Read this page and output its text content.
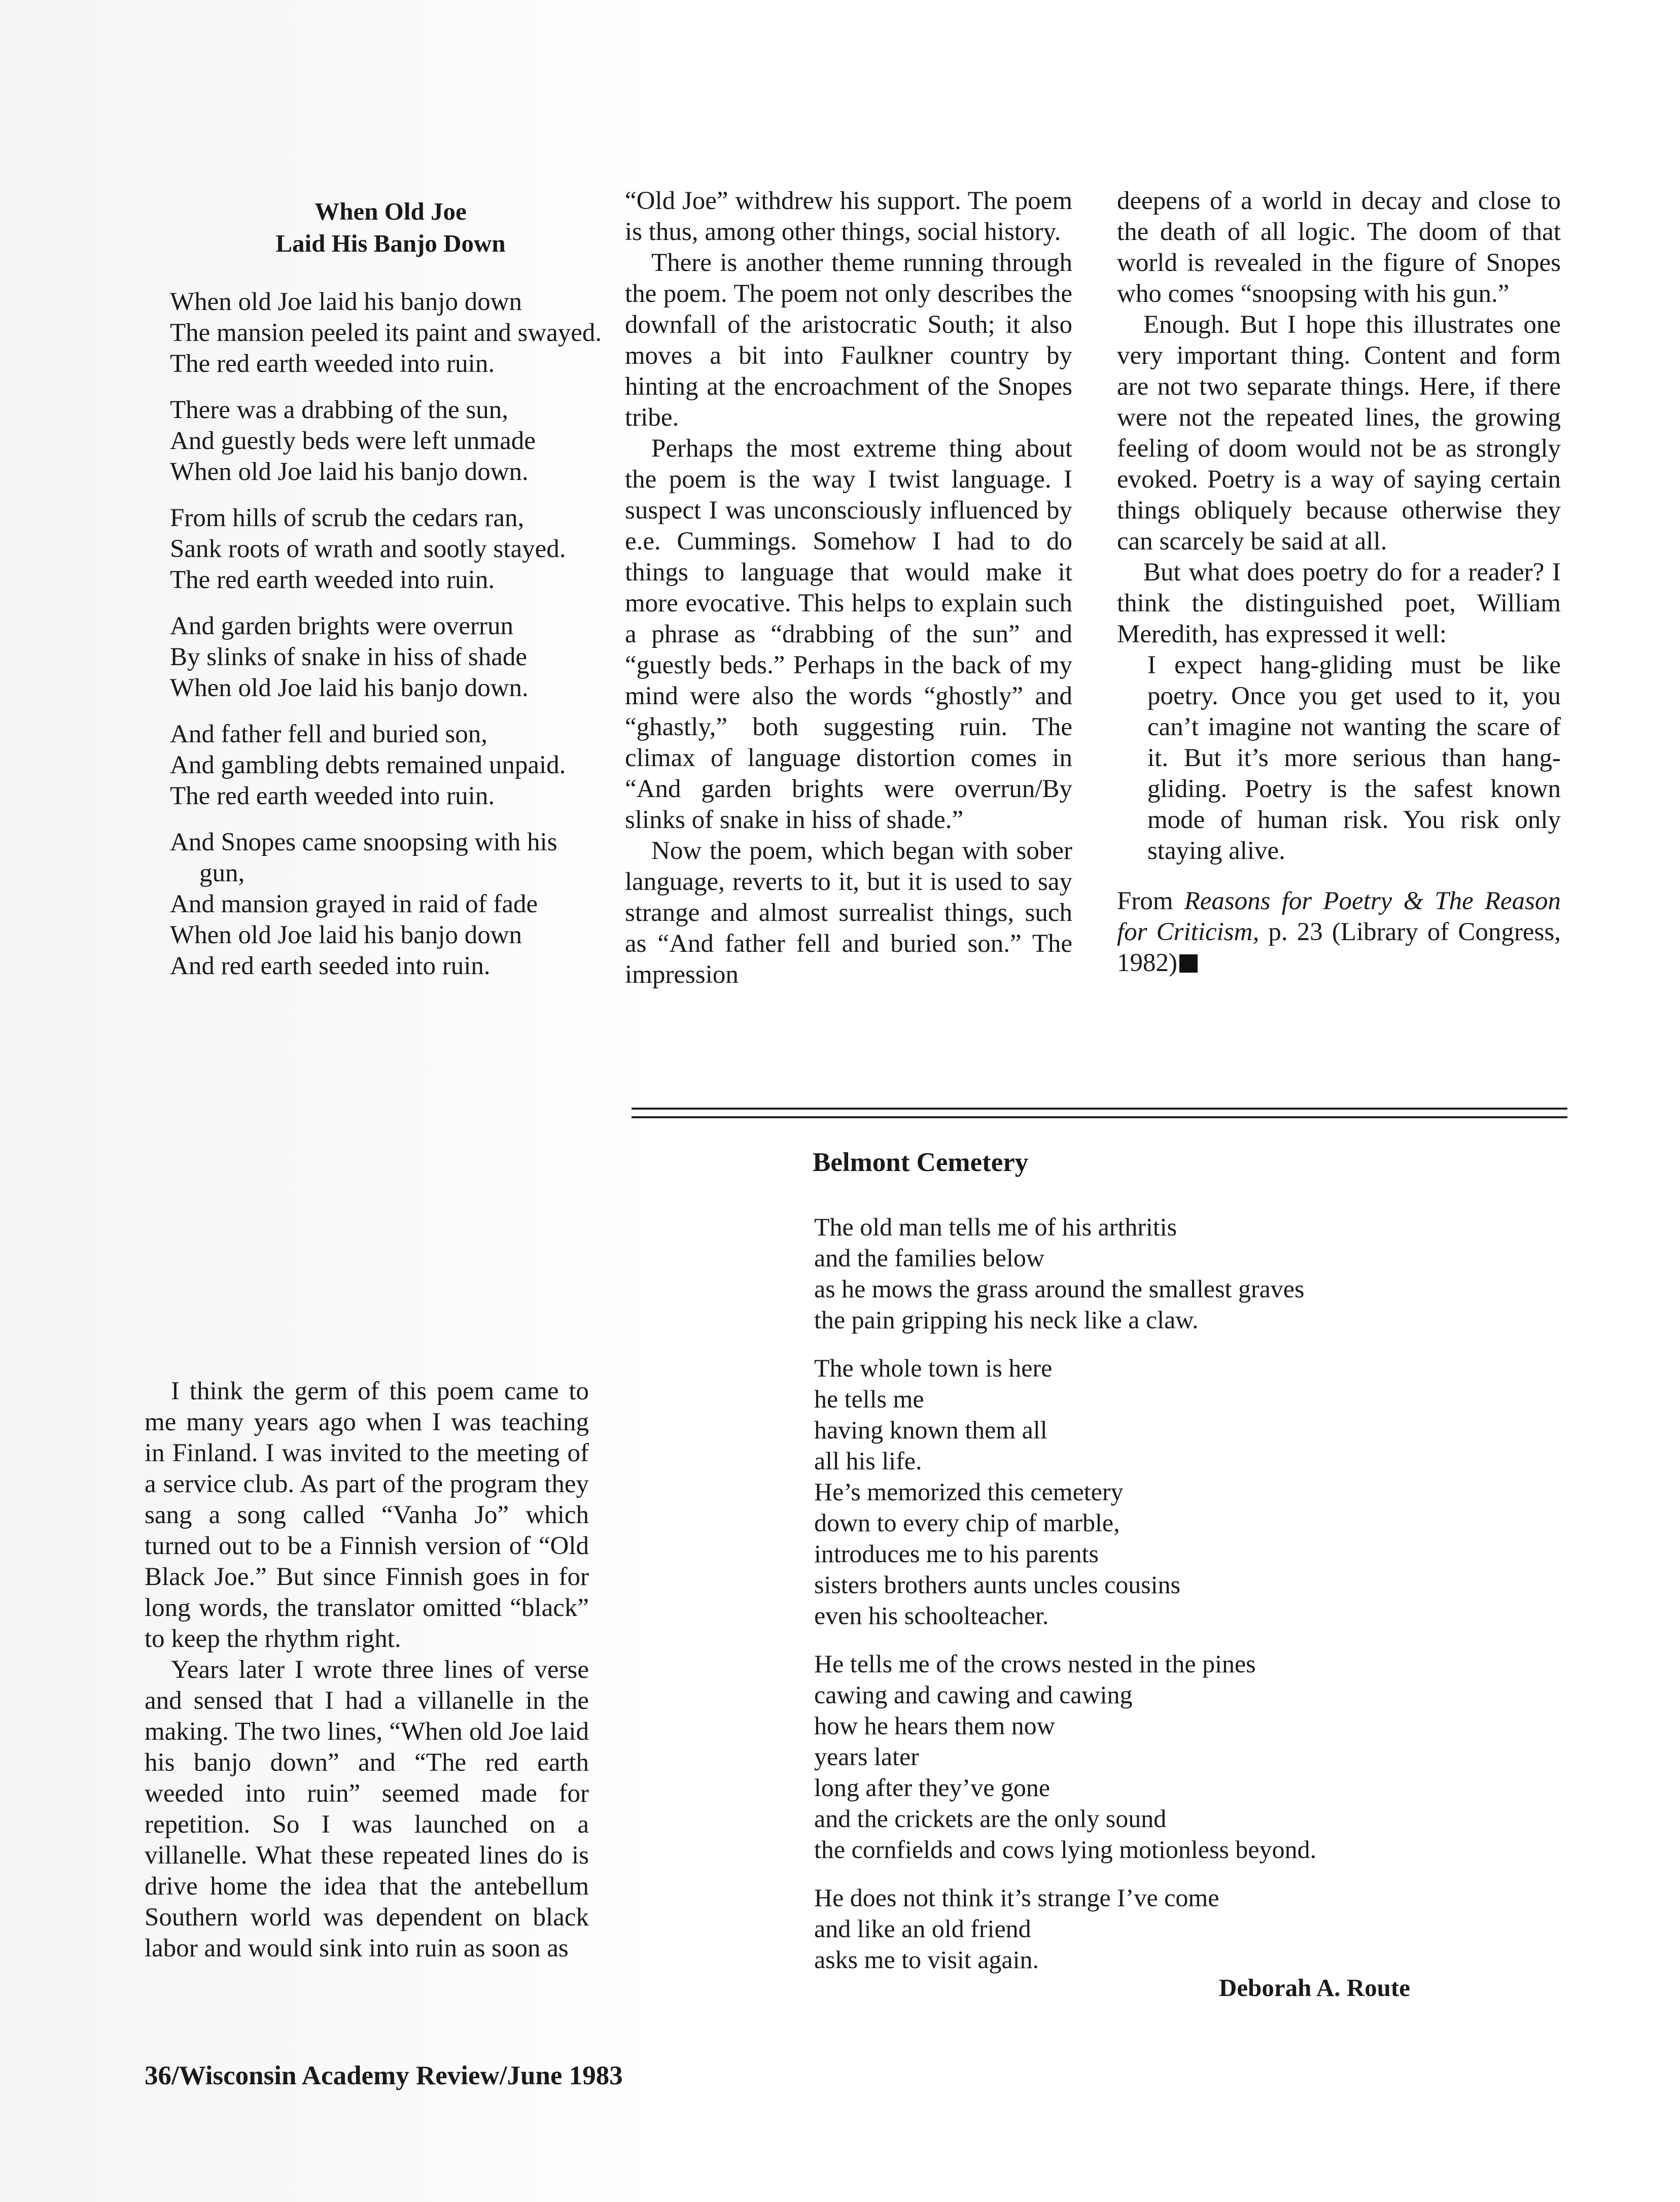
When Old Joe
Laid His Banjo Down
When old Joe laid his banjo down
The mansion peeled its paint and swayed.
The red earth weeded into ruin.
There was a drabbing of the sun,
And guestly beds were left unmade
When old Joe laid his banjo down.
From hills of scrub the cedars ran,
Sank roots of wrath and sootly stayed.
The red earth weeded into ruin.
And garden brights were overrun
By slinks of snake in hiss of shade
When old Joe laid his banjo down.
And father fell and buried son,
And gambling debts remained unpaid.
The red earth weeded into ruin.
And Snopes came snoopsing with his gun,
And mansion grayed in raid of fade
When old Joe laid his banjo down
And red earth seeded into ruin.

I think the germ of this poem came to me many years ago when I was teaching in Finland. I was invited to the meeting of a service club. As part of the program they sang a song called “Vanha Jo” which turned out to be a Finnish version of “Old Black Joe.” But since Finnish goes in for long words, the translator omitted “black” to keep the rhythm right.

Years later I wrote three lines of verse and sensed that I had a villanelle in the making. The two lines, “When old Joe laid his banjo down” and “The red earth weeded into ruin” seemed made for repetition. So I was launched on a villanelle. What these repeated lines do is drive home the idea that the antebellum Southern world was dependent on black labor and would sink into ruin as soon as

“Old Joe” withdrew his support. The poem is thus, among other things, social history.

There is another theme running through the poem. The poem not only describes the downfall of the aristocratic South; it also moves a bit into Faulkner country by hinting at the encroachment of the Snopes tribe.

Perhaps the most extreme thing about the poem is the way I twist language. I suspect I was unconsciously influenced by e.e. Cummings. Somehow I had to do things to language that would make it more evocative. This helps to explain such a phrase as “drabbing of the sun” and “guestly beds.” Perhaps in the back of my mind were also the words “ghostly” and “ghastly,” both suggesting ruin. The climax of language distortion comes in “And garden brights were overrun/By slinks of snake in hiss of shade.”

Now the poem, which began with sober language, reverts to it, but it is used to say strange and almost surrealist things, such as “And father fell and buried son.” The impression

deepens of a world in decay and close to the death of all logic. The doom of that world is revealed in the figure of Snopes who comes “snoopsing with his gun.”

Enough. But I hope this illustrates one very important thing. Content and form are not two separate things. Here, if there were not the repeated lines, the growing feeling of doom would not be as strongly evoked. Poetry is a way of saying certain things obliquely because otherwise they can scarcely be said at all.

But what does poetry do for a reader? I think the distinguished poet, William Meredith, has expressed it well:

I expect hang-gliding must be like poetry. Once you get used to it, you can’t imagine not wanting the scare of it. But it’s more serious than hang-gliding. Poetry is the safest known mode of human risk. You risk only staying alive.
From Reasons for Poetry & The Reason for Criticism, p. 23 (Library of Congress, 1982)
Belmont Cemetery
The old man tells me of his arthritis
and the families below
as he mows the grass around the smallest graves
the pain gripping his neck like a claw.
The whole town is here
he tells me
having known them all
all his life.
He’s memorized this cemetery
down to every chip of marble,
introduces me to his parents
sisters brothers aunts uncles cousins
even his schoolteacher.
He tells me of the crows nested in the pines
cawing and cawing and cawing
how he hears them now
years later
long after they’ve gone
and the crickets are the only sound
the cornfields and cows lying motionless beyond.
He does not think it’s strange I’ve come
and like an old friend
asks me to visit again.
Deborah A. Route
36/Wisconsin Academy Review/June 1983
